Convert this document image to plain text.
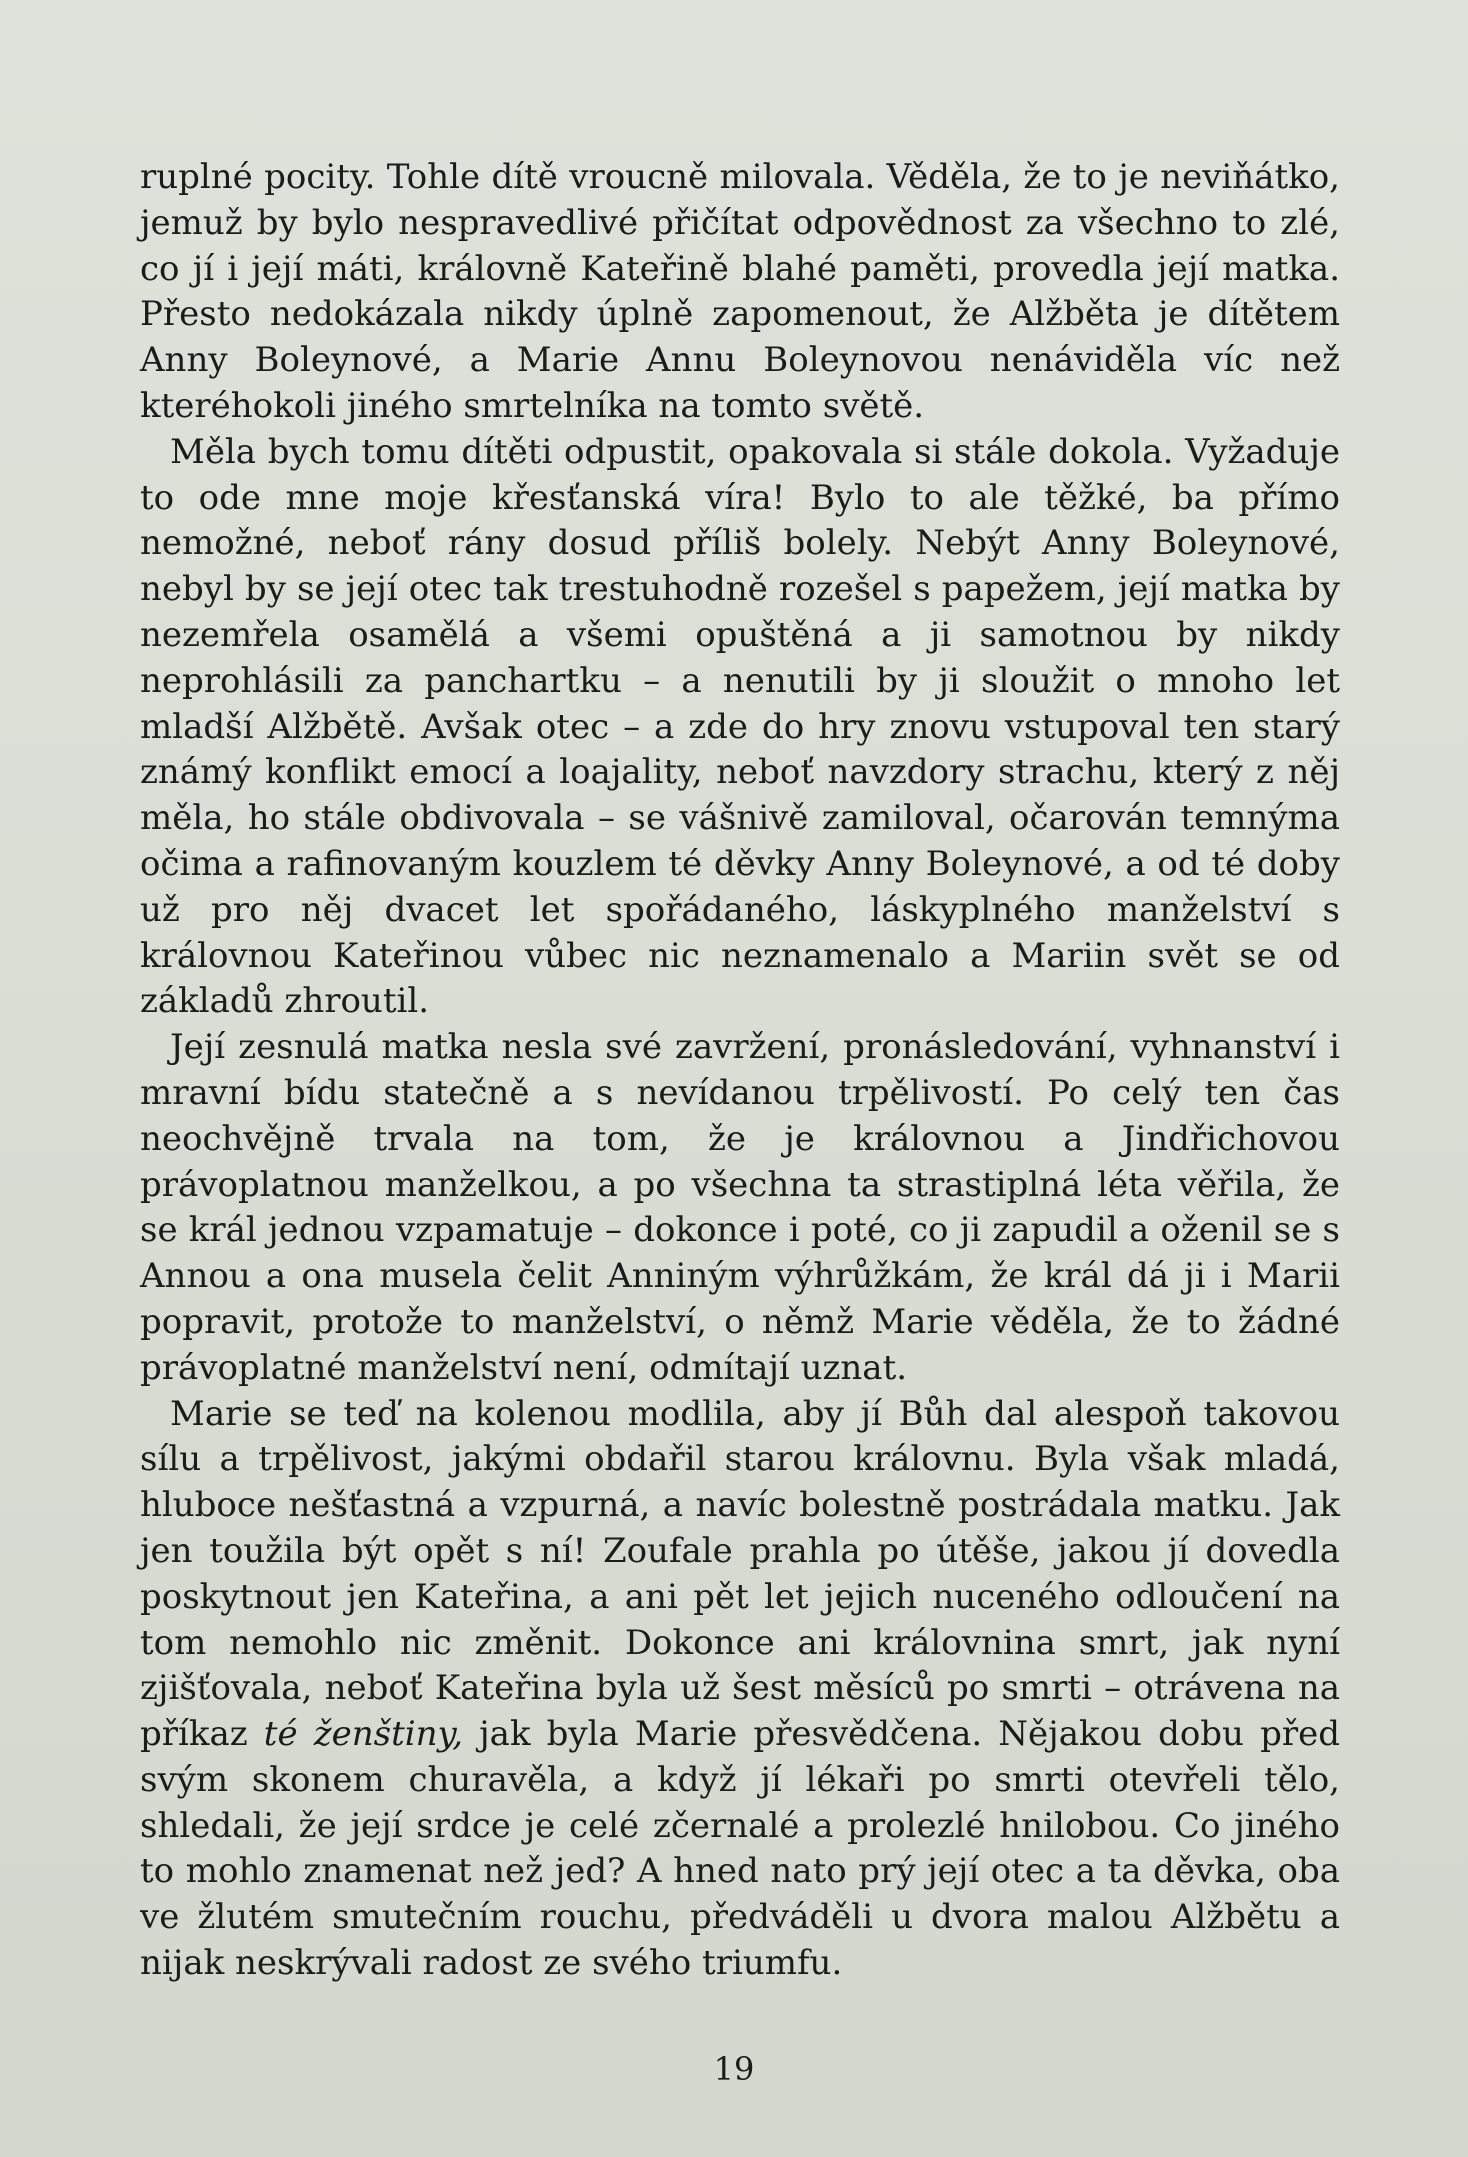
ruplné pocity. Tohle dítě vroucně milovala. Věděla, že to je neviňátko, jemuž by bylo nespravedlivé přičítat odpovědnost za všechno to zlé, co jí i její máti, královně Kateřině blahé paměti, provedla její matka. Přesto nedokázala nikdy úplně zapomenout, že Alžběta je dítětem Anny Boleynové, a Marie Annu Boleynovou nenáviděla víc než kteréhokoli jiného smrtelníka na tomto světě.

Měla bych tomu dítěti odpustit, opakovala si stále dokola. Vyžaduje to ode mne moje křesťanská víra! Bylo to ale těžké, ba přímo nemožné, neboť rány dosud příliš bolely. Nebýt Anny Boleynové, nebyl by se její otec tak trestuhodně rozešel s papežem, její matka by nezemřela osamělá a všemi opuštěná a ji samotnou by nikdy neprohlásili za panchartku – a nenutili by ji sloužit o mnoho let mladší Alžbětě. Avšak otec – a zde do hry znovu vstupoval ten starý známý konflikt emocí a loajality, neboť navzdory strachu, který z něj měla, ho stále obdivovala – se vášnivě zamiloval, očarován temnýma očima a rafinovaným kouzlem té děvky Anny Boleynové, a od té doby už pro něj dvacet let spořádaného, láskyplného manželství s královnou Kateřinou vůbec nic neznamenalo a Mariin svět se od základů zhroutil.

Její zesnulá matka nesla své zavržení, pronásledování, vyhnanství i mravní bídu statečně a s nevídanou trpělivostí. Po celý ten čas neochvějně trvala na tom, že je královnou a Jindřichovou právoplatnou manželkou, a po všechna ta strastiplná léta věřila, že se král jednou vzpamatuje – dokonce i poté, co ji zapudil a oženil se s Annou a ona musela čelit Anniným výhrůžkám, že král dá ji i Marii popravit, protože to manželství, o němž Marie věděla, že to žádné právoplatné manželství není, odmítají uznat.

Marie se teď na kolenou modlila, aby jí Bůh dal alespoň takovou sílu a trpělivost, jakými obdařil starou královnu. Byla však mladá, hluboce nešťastná a vzpurná, a navíc bolestně postrádala matku. Jak jen toužila být opět s ní! Zoufale prahla po útěše, jakou jí dovedla poskytnout jen Kateřina, a ani pět let jejich nuceného odloučení na tom nemohlo nic změnit. Dokonce ani královnina smrt, jak nyní zjišťovala, neboť Kateřina byla už šest měsíců po smrti – otrávena na příkaz té ženštiny, jak byla Marie přesvědčena. Nějakou dobu před svým skonem churavěla, a když jí lékaři po smrti otevřeli tělo, shledali, že její srdce je celé zčernalé a prolezlé hnilobou. Co jiného to mohlo znamenat než jed? A hned nato prý její otec a ta děvka, oba ve žlutém smutečním rouchu, předváděli u dvora malou Alžbětu a nijak neskrývali radost ze svého triumfu.

19
